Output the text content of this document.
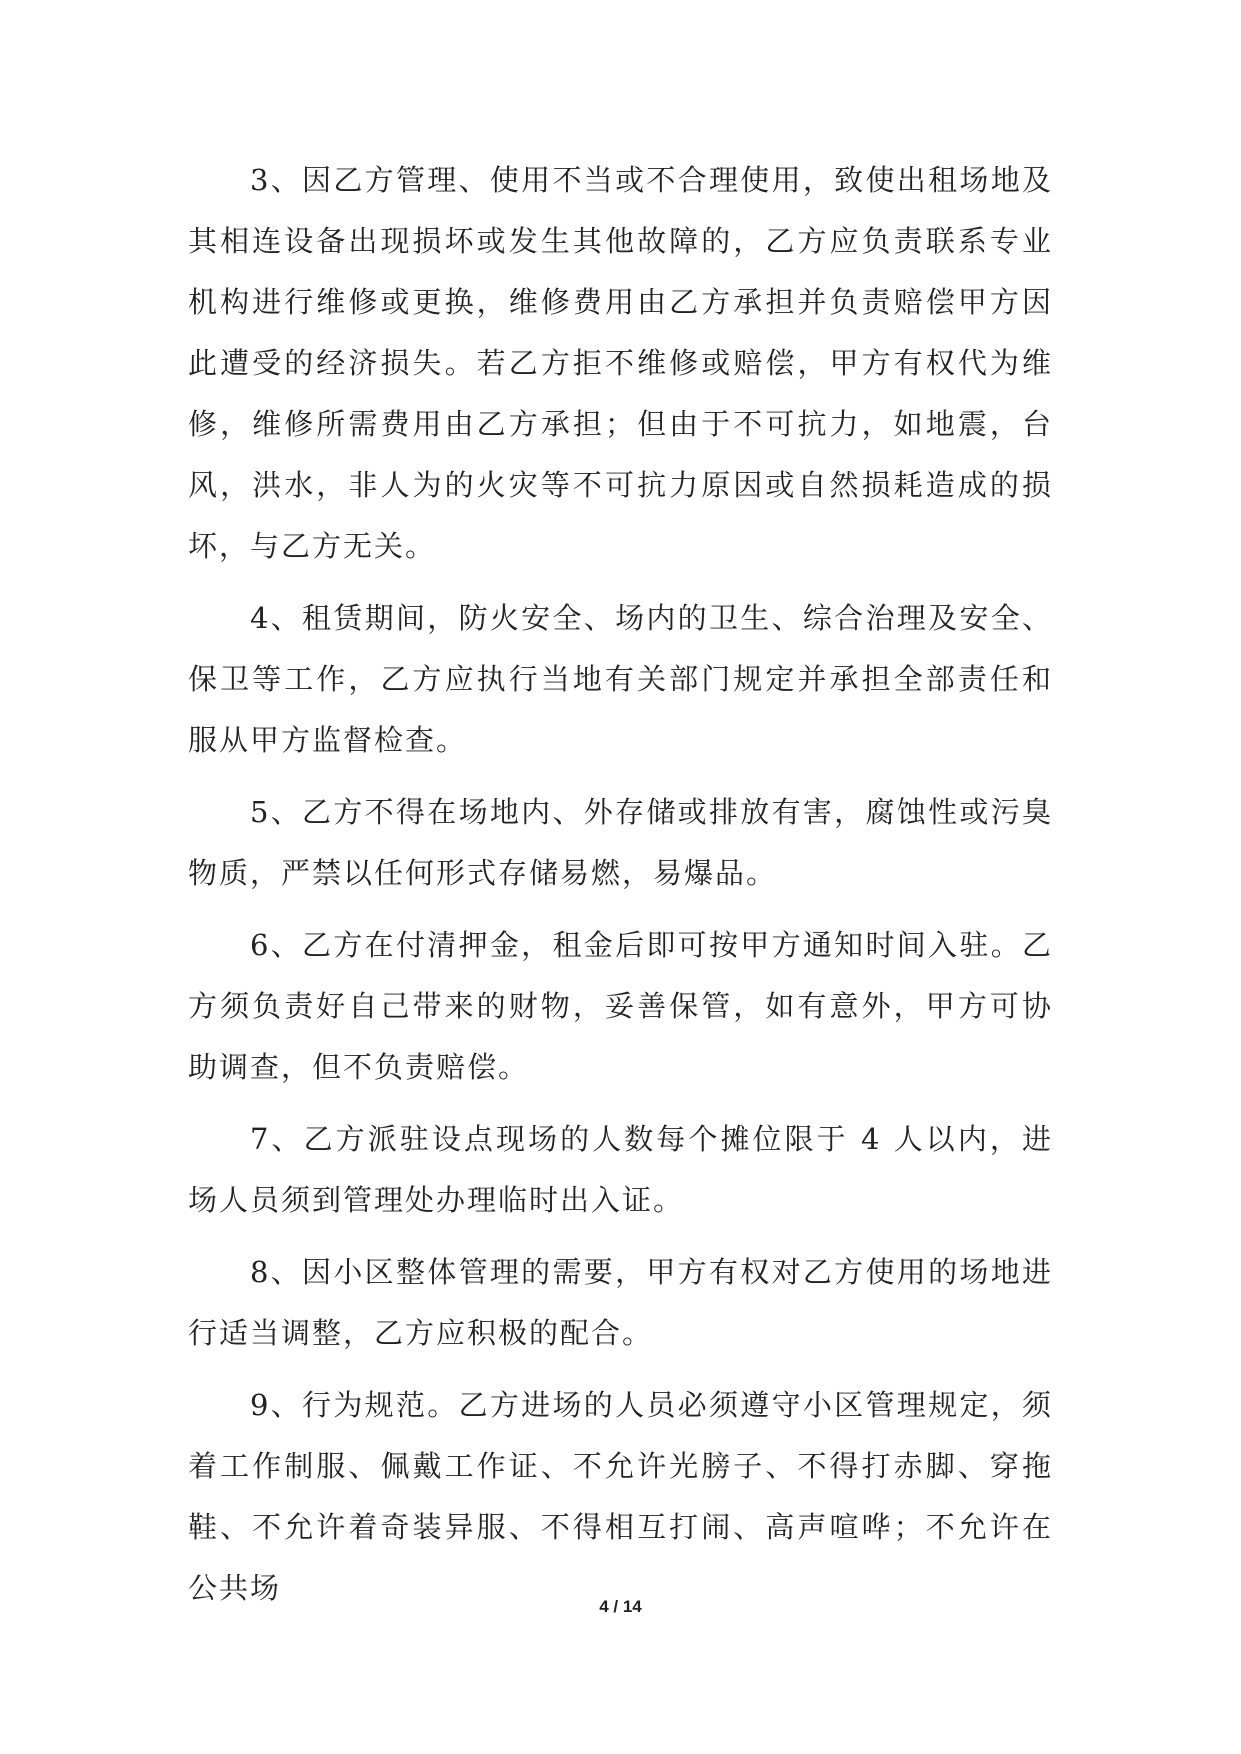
3、因乙方管理、使用不当或不合理使用，致使出租场地及其相连设备出现损坏或发生其他故障的，乙方应负责联系专业机构进行维修或更换，维修费用由乙方承担并负责赔偿甲方因此遭受的经济损失。若乙方拒不维修或赔偿，甲方有权代为维修，维修所需费用由乙方承担；但由于不可抗力，如地震，台风，洪水，非人为的火灾等不可抗力原因或自然损耗造成的损坏，与乙方无关。

4、租赁期间，防火安全、场内的卫生、综合治理及安全、保卫等工作，乙方应执行当地有关部门规定并承担全部责任和服从甲方监督检查。

5、乙方不得在场地内、外存储或排放有害，腐蚀性或污臭物质，严禁以任何形式存储易燃，易爆品。

6、乙方在付清押金，租金后即可按甲方通知时间入驻。乙方须负责好自己带来的财物，妥善保管，如有意外，甲方可协助调查，但不负责赔偿。

7、乙方派驻设点现场的人数每个摊位限于 4 人以内，进场人员须到管理处办理临时出入证。

8、因小区整体管理的需要，甲方有权对乙方使用的场地进行适当调整，乙方应积极的配合。

9、行为规范。乙方进场的人员必须遵守小区管理规定，须着工作制服、佩戴工作证、不允许光膀子、不得打赤脚、穿拖鞋、不允许着奇装异服、不得相互打闹、高声喧哗；不允许在公共场

4 / 14
